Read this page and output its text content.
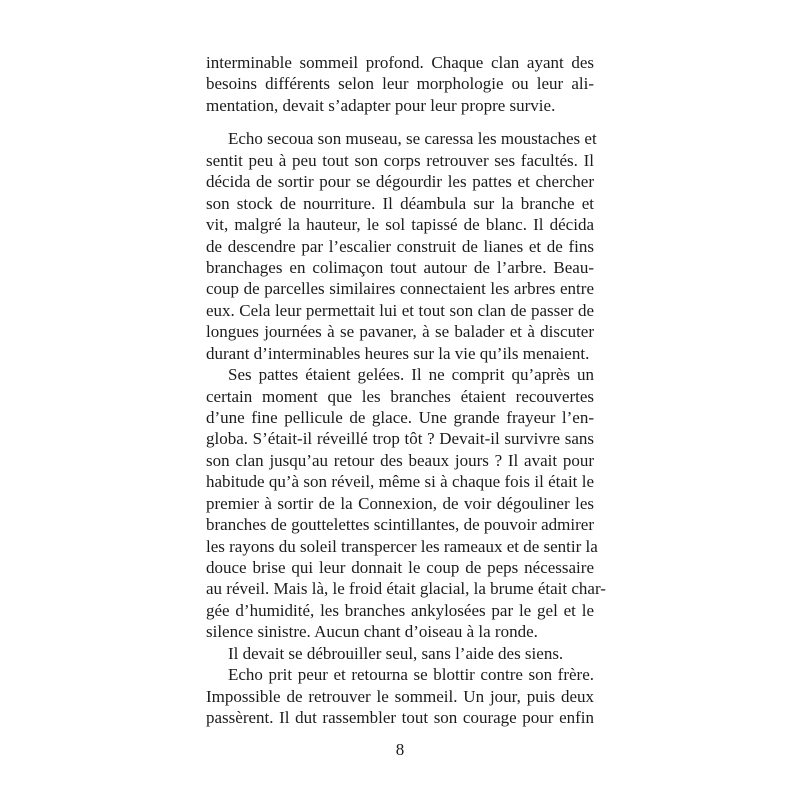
interminable sommeil profond. Chaque clan ayant des
besoins différents selon leur morphologie ou leur ali-
mentation, devait s’adapter pour leur propre survie.
Echo secoua son museau, se caressa les moustaches et
sentit peu à peu tout son corps retrouver ses facultés. Il
décida de sortir pour se dégourdir les pattes et chercher
son stock de nourriture. Il déambula sur la branche et
vit, malgré la hauteur, le sol tapissé de blanc. Il décida
de descendre par l’escalier construit de lianes et de fins
branchages en colimaçon tout autour de l’arbre. Beau-
coup de parcelles similaires connectaient les arbres entre
eux. Cela leur permettait lui et tout son clan de passer de
longues journées à se pavaner, à se balader et à discuter
durant d’interminables heures sur la vie qu’ils menaient.
Ses pattes étaient gelées. Il ne comprit qu’après un
certain moment que les branches étaient recouvertes
d’une fine pellicule de glace. Une grande frayeur l’en-
globa. S’était-il réveillé trop tôt ? Devait-il survivre sans
son clan jusqu’au retour des beaux jours ? Il avait pour
habitude qu’à son réveil, même si à chaque fois il était le
premier à sortir de la Connexion, de voir dégouliner les
branches de gouttelettes scintillantes, de pouvoir admirer
les rayons du soleil transpercer les rameaux et de sentir la
douce brise qui leur donnait le coup de peps nécessaire
au réveil. Mais là, le froid était glacial, la brume était char-
gée d’humidité, les branches ankylosées par le gel et le
silence sinistre. Aucun chant d’oiseau à la ronde.
Il devait se débrouiller seul, sans l’aide des siens.
Echo prit peur et retourna se blottir contre son frère.
Impossible de retrouver le sommeil. Un jour, puis deux
passèrent. Il dut rassembler tout son courage pour enfin
8
